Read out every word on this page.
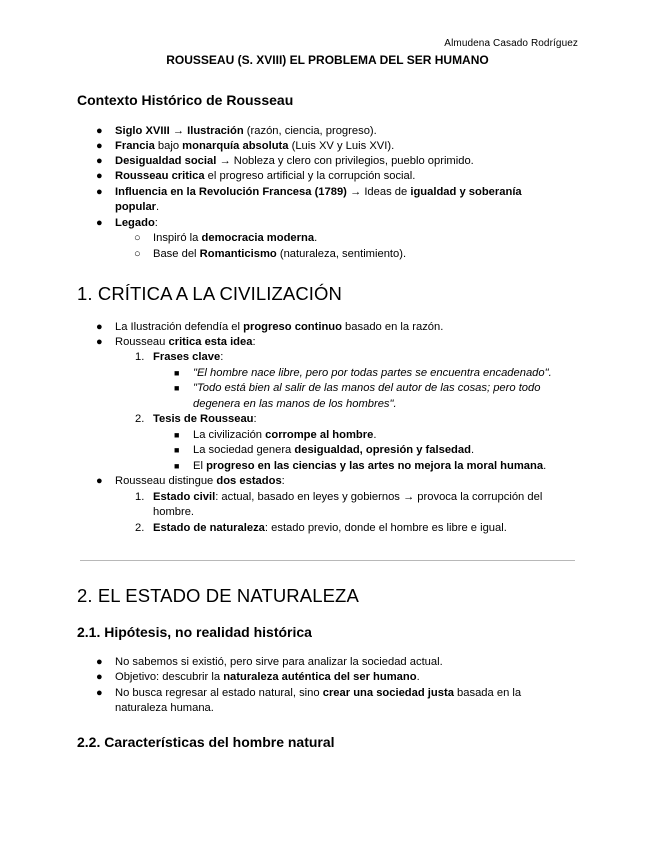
Almudena Casado Rodríguez
ROUSSEAU (S. XVIII) EL PROBLEMA DEL SER HUMANO
Contexto Histórico de Rousseau
● Siglo XVIII → Ilustración (razón, ciencia, progreso).
● Francia bajo monarquía absoluta (Luis XV y Luis XVI).
● Desigualdad social → Nobleza y clero con privilegios, pueblo oprimido.
● Rousseau critica el progreso artificial y la corrupción social.
● Influencia en la Revolución Francesa (1789) → Ideas de igualdad y soberanía
popular.
● Legado:
○ Inspiró la democracia moderna.
○ Base del Romanticismo (naturaleza, sentimiento).
1. CRÍTICA A LA CIVILIZACIÓN
● La Ilustración defendía el progreso continuo basado en la razón.
● Rousseau critica esta idea:
1. Frases clave:
■ "El hombre nace libre, pero por todas partes se encuentra encadenado".
■ "Todo está bien al salir de las manos del autor de las cosas; pero todo
degenera en las manos de los hombres".
2. Tesis de Rousseau:
■ La civilización corrompe al hombre.
■ La sociedad genera desigualdad, opresión y falsedad.
■ El progreso en las ciencias y las artes no mejora la moral humana.
● Rousseau distingue dos estados:
1. Estado civil: actual, basado en leyes y gobiernos → provoca la corrupción del
hombre.
2. Estado de naturaleza: estado previo, donde el hombre es libre e igual.
2. EL ESTADO DE NATURALEZA
2.1. Hipótesis, no realidad histórica
● No sabemos si existió, pero sirve para analizar la sociedad actual.
● Objetivo: descubrir la naturaleza auténtica del ser humano.
● No busca regresar al estado natural, sino crear una sociedad justa basada en la
naturaleza humana.
2.2. Características del hombre natural
